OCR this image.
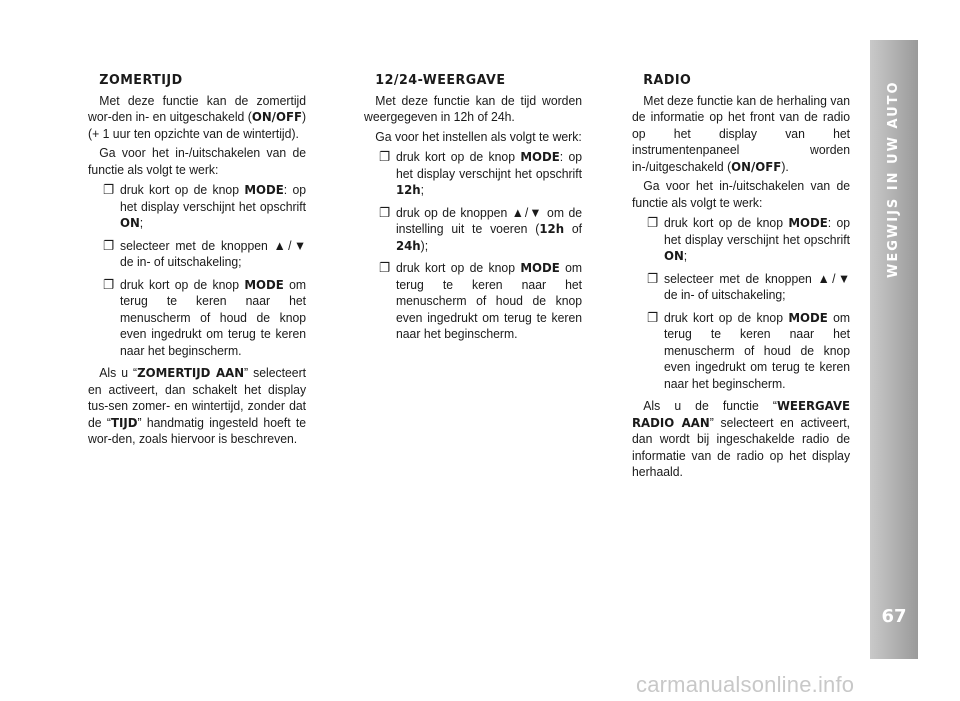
ZOMERTIJD

Met deze functie kan de zomertijd wor-den in- en uitgeschakeld (ON/OFF) (+ 1 uur ten opzichte van de wintertijd).

Ga voor het in-/uitschakelen van de functie als volgt te werk:

❐ druk kort op de knop MODE: op het display verschijnt het opschrift ON;
❐ selecteer met de knoppen ▲/▼ de in- of uitschakeling;
❐ druk kort op de knop MODE om terug te keren naar het menuscherm of houd de knop even ingedrukt om terug te keren naar het beginscherm.

Als u “ZOMERTIJD AAN” selecteert en activeert, dan schakelt het display tus-sen zomer- en wintertijd, zonder dat de “TIJD” handmatig ingesteld hoeft te wor-den, zoals hiervoor is beschreven.

12/24-WEERGAVE

Met deze functie kan de tijd worden weergegeven in 12h of 24h.

Ga voor het instellen als volgt te werk:

❐ druk kort op de knop MODE: op het display verschijnt het opschrift 12h;
❐ druk op de knoppen ▲/▼ om de instelling uit te voeren (12h of 24h);
❐ druk kort op de knop MODE om terug te keren naar het menuscherm of houd de knop even ingedrukt om terug te keren naar het beginscherm.
RADIO

Met deze functie kan de herhaling van de informatie op het front van de radio op het display van het instrumentenpaneel worden in-/uitgeschakeld (ON/OFF).

Ga voor het in-/uitschakelen van de functie als volgt te werk:

❐ druk kort op de knop MODE: op het display verschijnt het opschrift ON;
❐ selecteer met de knoppen ▲/▼ de in- of uitschakeling;
❐ druk kort op de knop MODE om terug te keren naar het menuscherm of houd de knop even ingedrukt om terug te keren naar het beginscherm.

Als u de functie “WEERGAVE RADIO AAN” selecteert en activeert, dan wordt bij ingeschakelde radio de informatie van de radio op het display herhaald.

WEGWIJS IN UW AUTO
67
carmanualsonline.info
